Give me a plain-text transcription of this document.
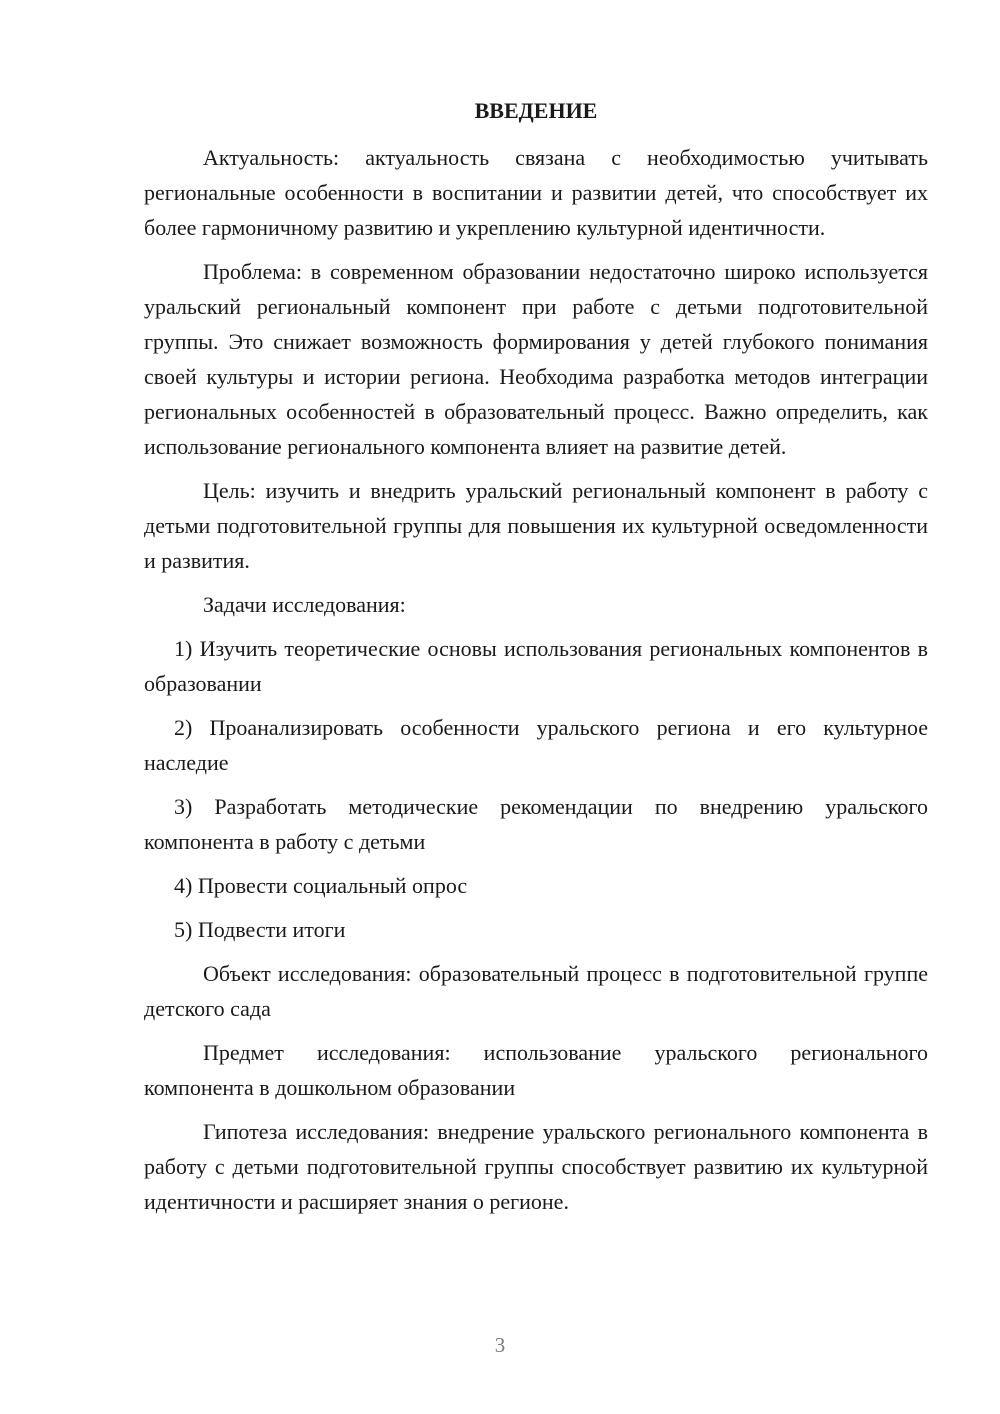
ВВЕДЕНИЕ

Актуальность: актуальность связана с необходимостью учитывать региональные особенности в воспитании и развитии детей, что способствует их более гармоничному развитию и укреплению культурной идентичности.

Проблема: в современном образовании недостаточно широко используется уральский региональный компонент при работе с детьми подготовительной группы. Это снижает возможность формирования у детей глубокого понимания своей культуры и истории региона. Необходима разработка методов интеграции региональных особенностей в образовательный процесс. Важно определить, как использование регионального компонента влияет на развитие детей.

Цель: изучить и внедрить уральский региональный компонент в работу с детьми подготовительной группы для повышения их культурной осведомленности и развития.

Задачи исследования:

1) Изучить теоретические основы использования региональных компонентов в образовании

2) Проанализировать особенности уральского региона и его культурное наследие

3) Разработать методические рекомендации по внедрению уральского компонента в работу с детьми

4) Провести социальный опрос

5) Подвести итоги

Объект исследования: образовательный процесс в подготовительной группе детского сада

Предмет исследования: использование уральского регионального компонента в дошкольном образовании

Гипотеза исследования: внедрение уральского регионального компонента в работу с детьми подготовительной группы способствует развитию их культурной идентичности и расширяет знания о регионе.

3
